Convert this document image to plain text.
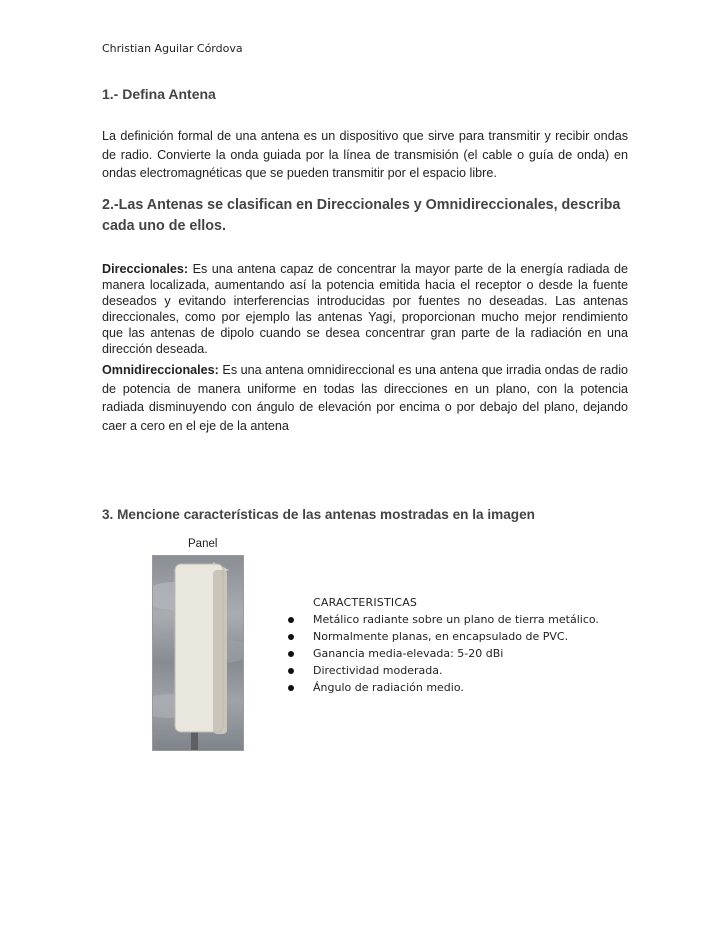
Christian Aguilar Córdova
1.- Defina Antena
La definición formal de una antena es un dispositivo que sirve para transmitir y recibir ondas de radio. Convierte la onda guiada por la línea de transmisión (el cable o guía de onda) en ondas electromagnéticas que se pueden transmitir por el espacio libre.
2.-Las Antenas se clasifican en Direccionales y Omnidireccionales, describa cada uno de ellos.
Direccionales: Es una antena capaz de concentrar la mayor parte de la energía radiada de manera localizada, aumentando así la potencia emitida hacia el receptor o desde la fuente deseados y evitando interferencias introducidas por fuentes no deseadas. Las antenas direccionales, como por ejemplo las antenas Yagi, proporcionan mucho mejor rendimiento que las antenas de dipolo cuando se desea concentrar gran parte de la radiación en una dirección deseada.
Omnidireccionales: Es una antena omnidireccional es una antena que irradia ondas de radio de potencia de manera uniforme en todas las direcciones en un plano, con la potencia radiada disminuyendo con ángulo de elevación por encima o por debajo del plano, dejando caer a cero en el eje de la antena
3. Mencione características de las antenas mostradas en la imagen
Panel
CARACTERISTICAS
Metálico radiante sobre un plano de tierra metálico.
Normalmente planas, en encapsulado de PVC.
Ganancia media-elevada: 5-20 dBi
Directividad moderada.
Ángulo de radiación medio.
